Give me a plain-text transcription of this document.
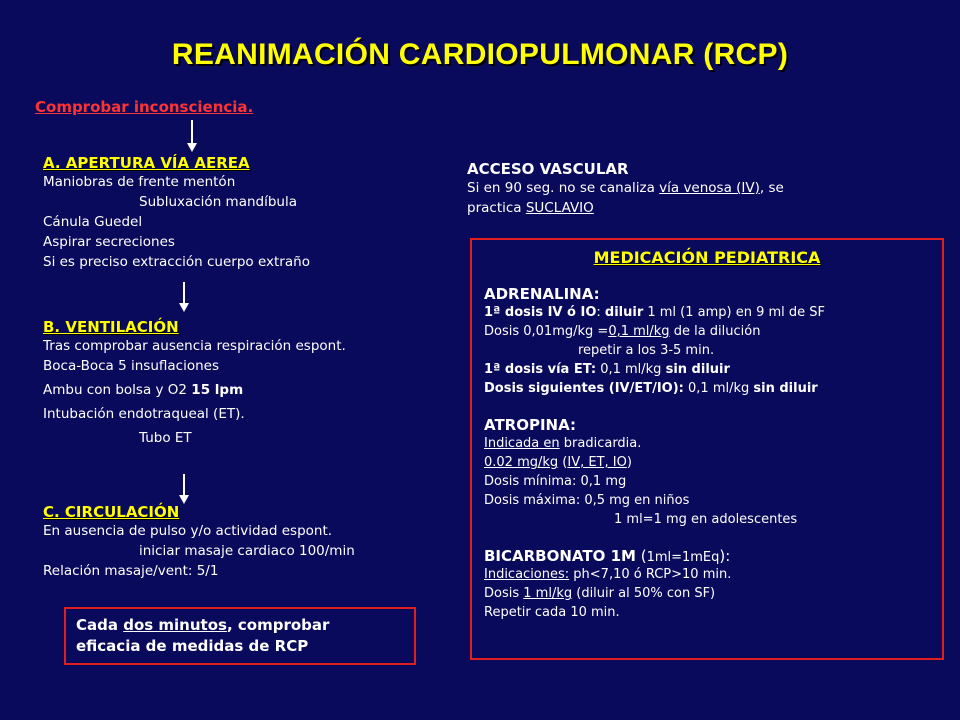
REANIMACIÓN CARDIOPULMONAR (RCP)
Comprobar inconsciencia.
A. APERTURA VÍA AEREA
Maniobras de frente mentón
Subluxación mandíbula
Cánula Guedel
Aspirar secreciones
Si es preciso extracción cuerpo extraño
B. VENTILACIÓN
Tras comprobar ausencia respiración espont.
Boca-Boca 5 insuflaciones
Ambu con bolsa y O2 15 lpm
Intubación endotraqueal (ET).
Tubo ET
C. CIRCULACIÓN
En ausencia de pulso y/o actividad espont.
iniciar masaje cardiaco 100/min
Relación masaje/vent: 5/1
Cada dos minutos, comprobar
eficacia de medidas de RCP
ACCESO VASCULAR
Si en 90 seg. no se canaliza vía venosa (IV), se
practica SUCLAVIO
MEDICACIÓN PEDIATRICA
ADRENALINA:
1ª dosis IV ó IO: diluir 1 ml (1 amp) en 9 ml de SF
Dosis 0,01mg/kg =0,1 ml/kg de la dilución
repetir a los 3-5 min.
1ª dosis vía ET: 0,1 ml/kg sin diluir
Dosis siguientes (IV/ET/IO): 0,1 ml/kg sin diluir
ATROPINA:
Indicada en bradicardia.
0.02 mg/kg (IV, ET, IO)
Dosis mínima: 0,1 mg
Dosis máxima: 0,5 mg en niños
1 ml=1 mg en adolescentes
BICARBONATO 1M (1ml=1mEq):
Indicaciones: ph<7,10 ó RCP>10 min.
Dosis 1 ml/kg (diluir al 50% con SF)
Repetir cada 10 min.
